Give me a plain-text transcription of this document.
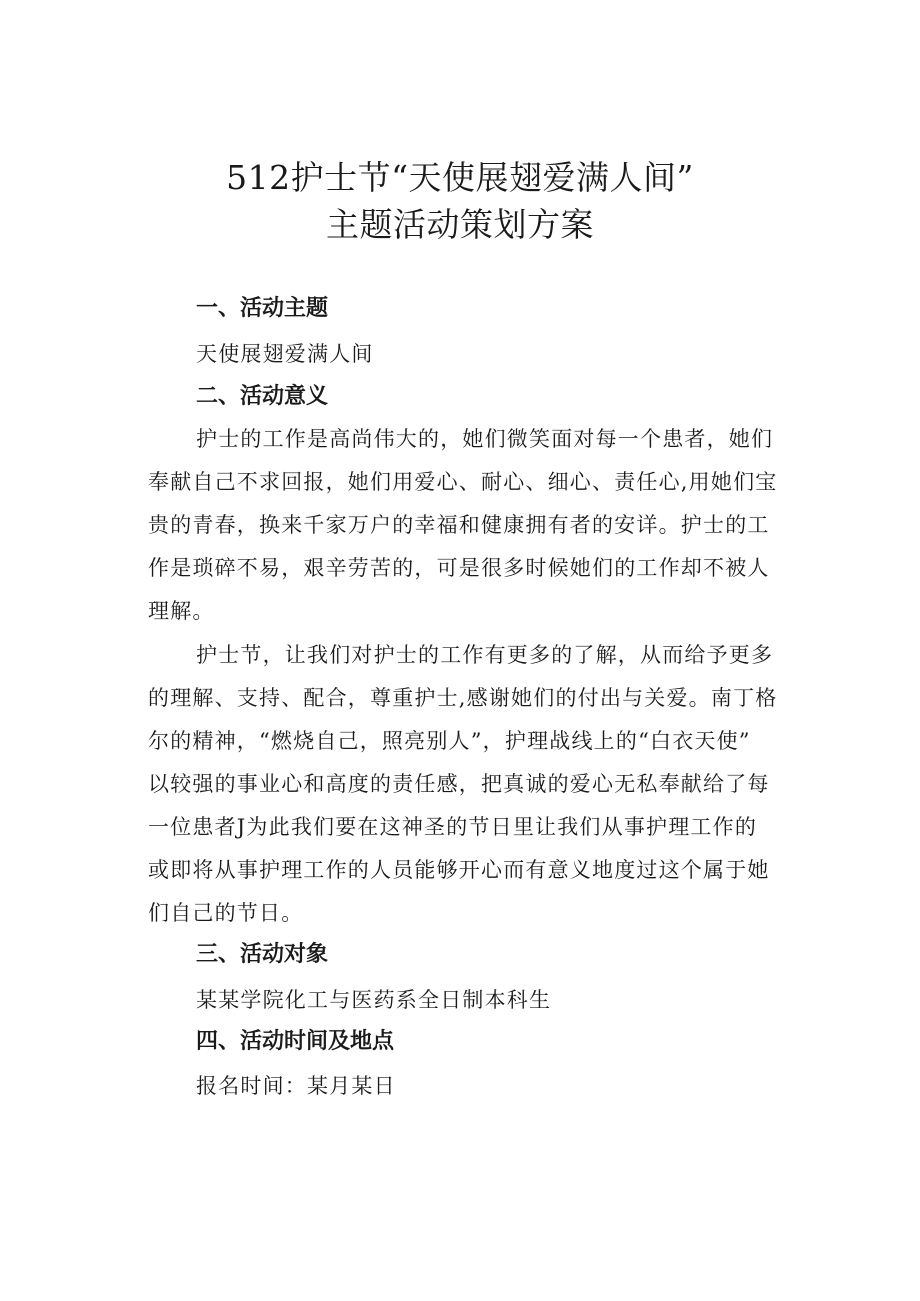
512护士节“天使展翅爱满人间”
主题活动策划方案
一、活动主题

天使展翅爱满人间

二、活动意义

护士的工作是高尚伟大的，她们微笑面对每一个患者，她们

奉献自己不求回报，她们用爱心、耐心、细心、责任心,用她们宝

贵的青春，换来千家万户的幸福和健康拥有者的安详。护士的工

作是琐碎不易，艰辛劳苦的，可是很多时候她们的工作却不被人

理解。

护士节，让我们对护士的工作有更多的了解，从而给予更多

的理解、支持、配合，尊重护士,感谢她们的付出与关爱。南丁格

尔的精神，“燃烧自己，照亮别人”，护理战线上的“白衣天使”

以较强的事业心和高度的责任感，把真诚的爱心无私奉献给了每

一位患者J为此我们要在这神圣的节日里让我们从事护理工作的

或即将从事护理工作的人员能够开心而有意义地度过这个属于她

们自己的节日。

三、活动对象

某某学院化工与医药系全日制本科生

四、活动时间及地点

报名时间：某月某日
